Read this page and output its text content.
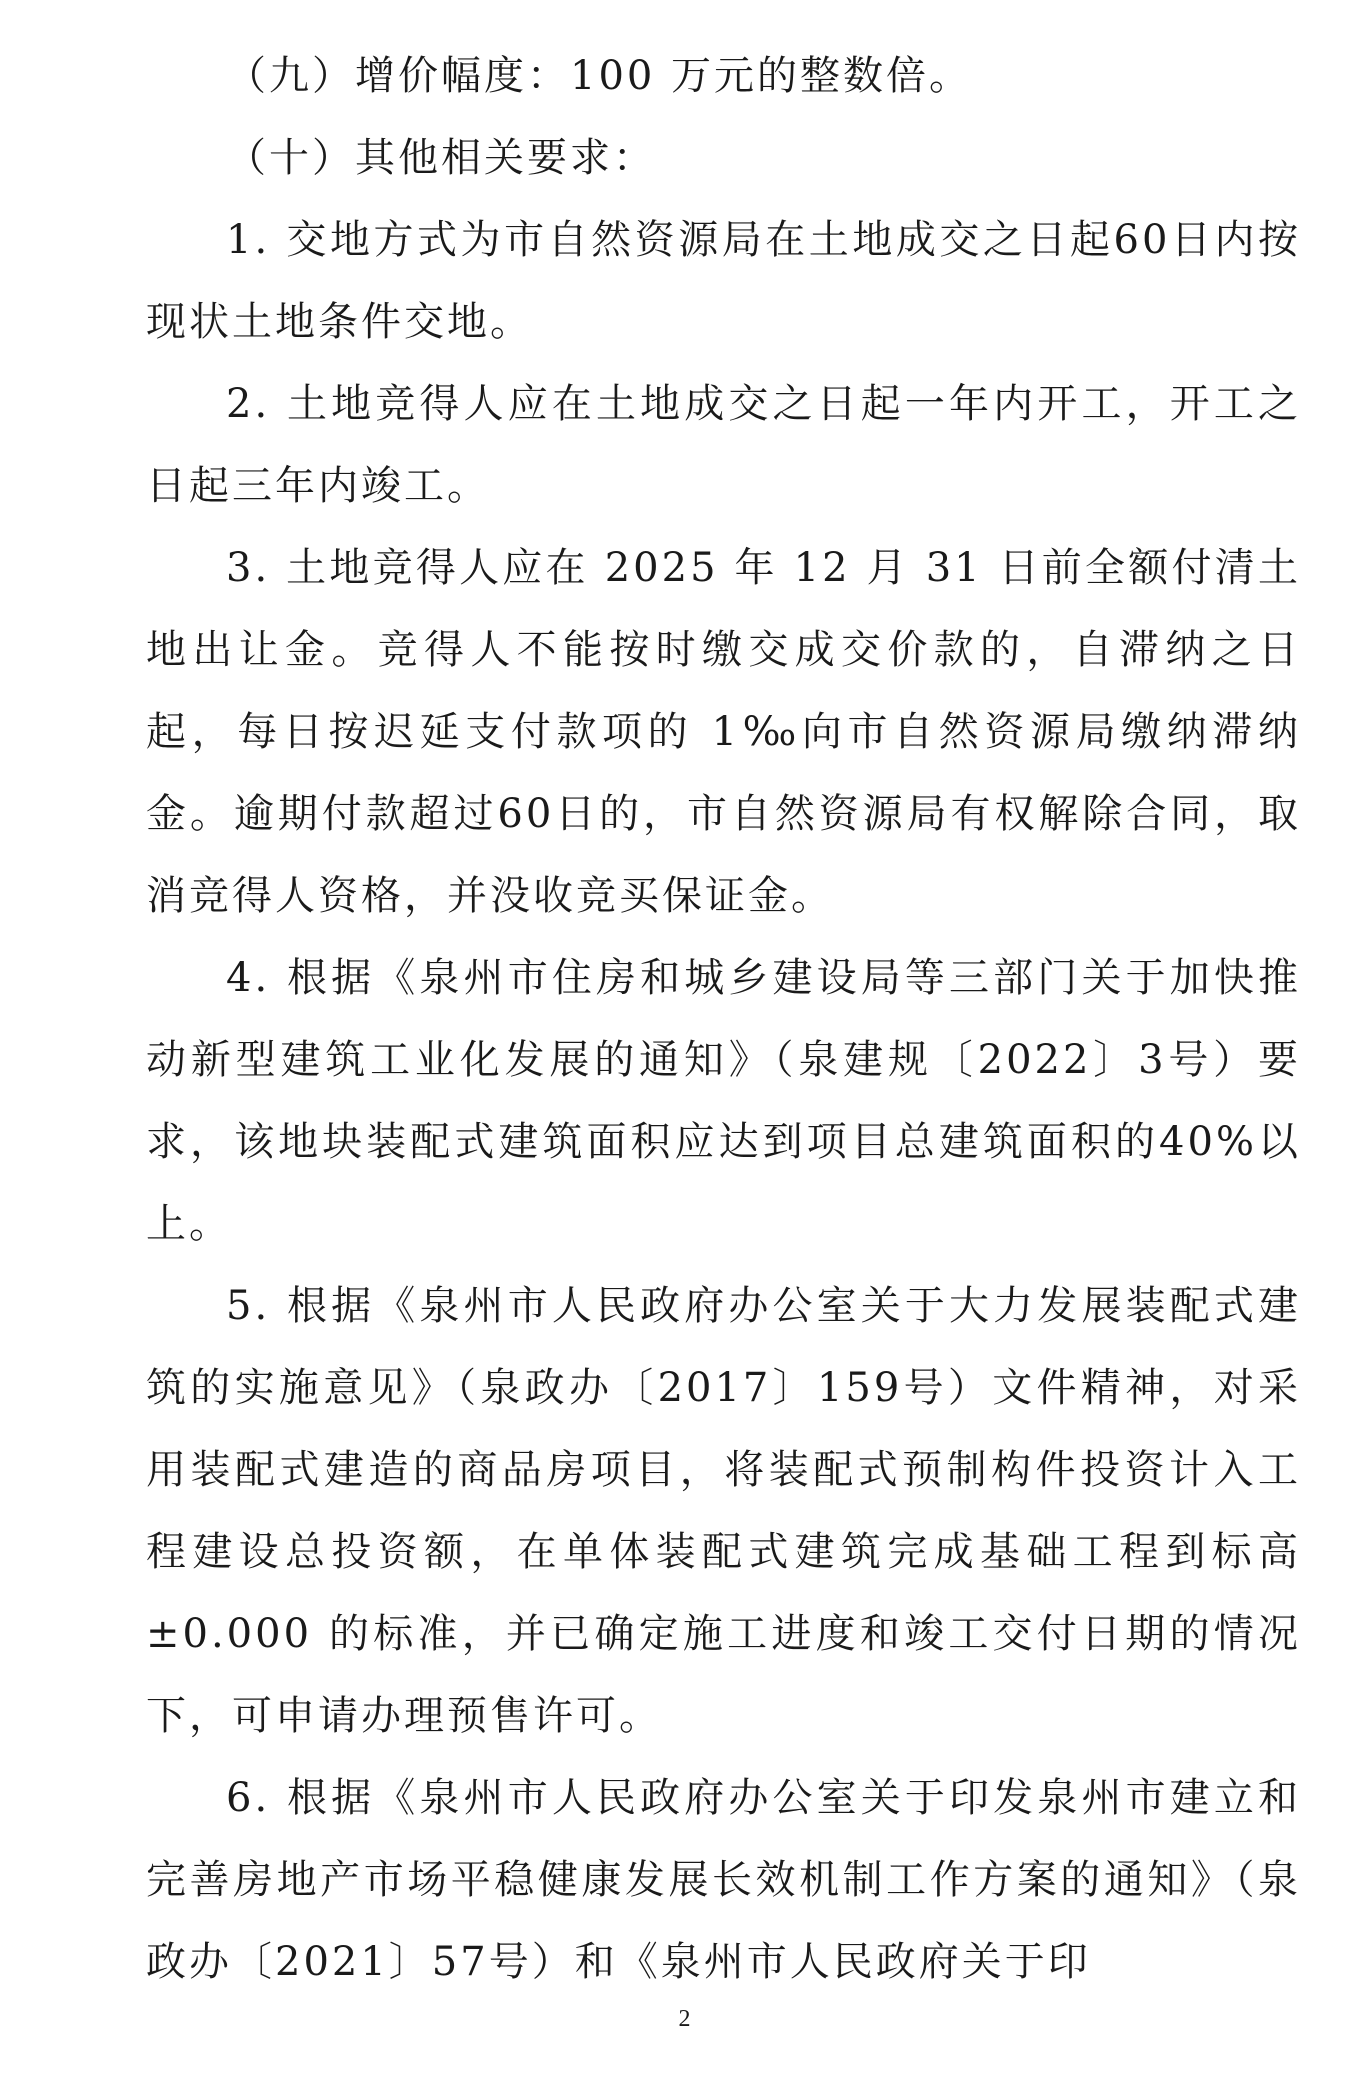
（九）增价幅度：100 万元的整数倍。

（十）其他相关要求：

1. 交地方式为市自然资源局在土地成交之日起60日内按现状土地条件交地。

2. 土地竞得人应在土地成交之日起一年内开工，开工之日起三年内竣工。

3. 土地竞得人应在 2025 年 12 月 31 日前全额付清土地出让金。竞得人不能按时缴交成交价款的，自滞纳之日起，每日按迟延支付款项的 1‰向市自然资源局缴纳滞纳金。逾期付款超过60日的，市自然资源局有权解除合同，取消竞得人资格，并没收竞买保证金。

4. 根据《泉州市住房和城乡建设局等三部门关于加快推动新型建筑工业化发展的通知》（泉建规〔2022〕3号）要求，该地块装配式建筑面积应达到项目总建筑面积的40%以上。

5. 根据《泉州市人民政府办公室关于大力发展装配式建筑的实施意见》（泉政办〔2017〕159号）文件精神，对采用装配式建造的商品房项目，将装配式预制构件投资计入工程建设总投资额，在单体装配式建筑完成基础工程到标高±0.000 的标准，并已确定施工进度和竣工交付日期的情况下，可申请办理预售许可。

6. 根据《泉州市人民政府办公室关于印发泉州市建立和完善房地产市场平稳健康发展长效机制工作方案的通知》（泉政办〔2021〕57号）和《泉州市人民政府关于印

2
